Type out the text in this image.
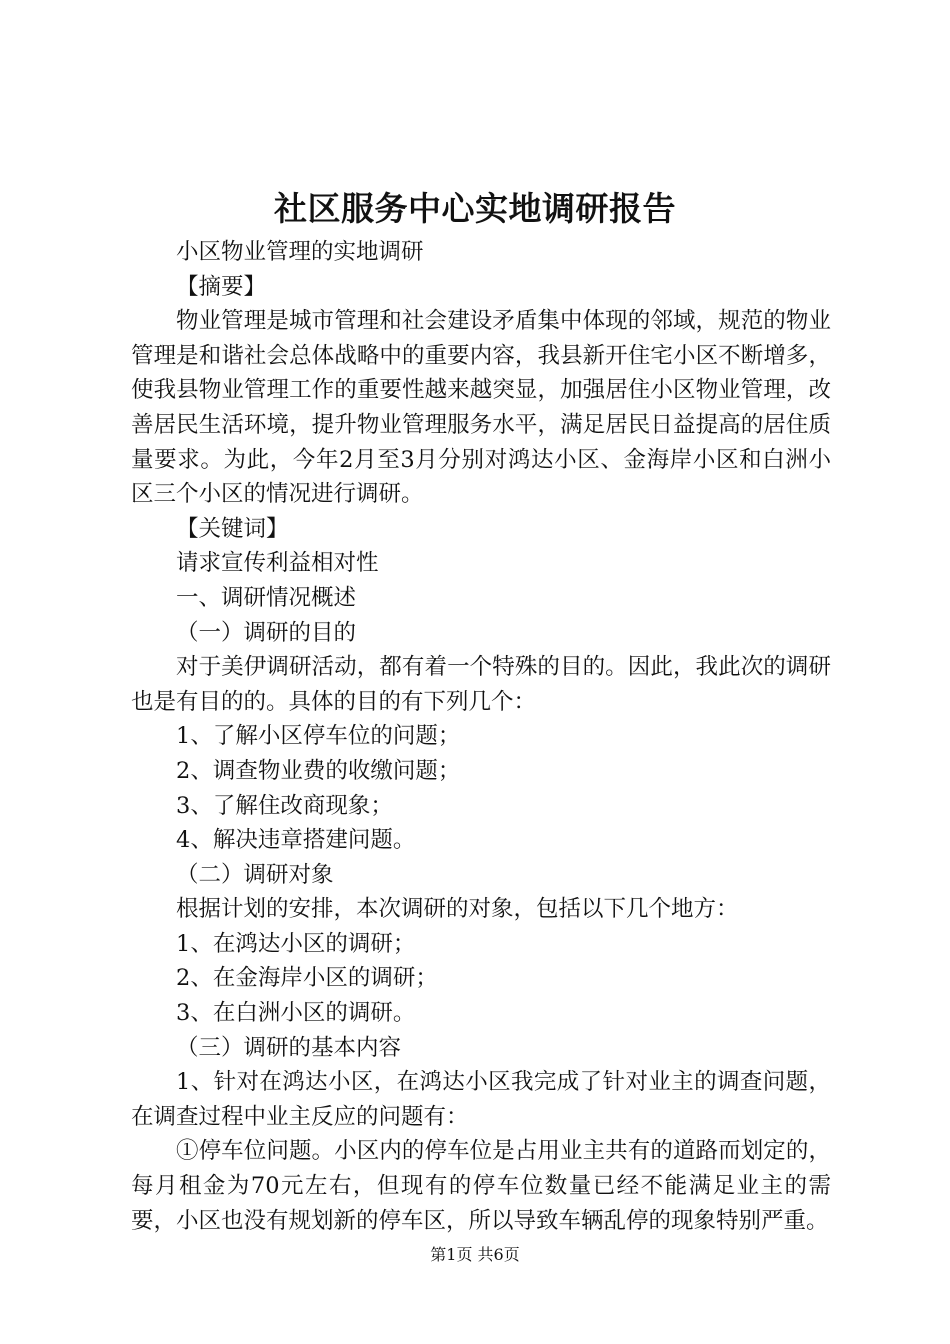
社区服务中心实地调研报告

小区物业管理的实地调研

【摘要】

物业管理是城市管理和社会建设矛盾集中体现的邻域，规范的物业管理是和谐社会总体战略中的重要内容，我县新开住宅小区不断增多，使我县物业管理工作的重要性越来越突显，加强居住小区物业管理，改善居民生活环境，提升物业管理服务水平，满足居民日益提高的居住质量要求。为此，今年2月至3月分别对鸿达小区、金海岸小区和白洲小区三个小区的情况进行调研。

【关键词】

请求宣传利益相对性

一、调研情况概述

（一）调研的目的

对于美伊调研活动，都有着一个特殊的目的。因此，我此次的调研也是有目的的。具体的目的有下列几个：

1、了解小区停车位的问题；

2、调查物业费的收缴问题；

3、了解住改商现象；

4、解决违章搭建问题。

（二）调研对象

根据计划的安排，本次调研的对象，包括以下几个地方：

1、在鸿达小区的调研；

2、在金海岸小区的调研；

3、在白洲小区的调研。

（三）调研的基本内容

1、针对在鸿达小区，在鸿达小区我完成了针对业主的调查问题，在调查过程中业主反应的问题有：

①停车位问题。小区内的停车位是占用业主共有的道路而划定的，每月租金为70元左右，但现有的停车位数量已经不能满足业主的需要，小区也没有规划新的停车区，所以导致车辆乱停的现象特别严重。

第1页 共6页
